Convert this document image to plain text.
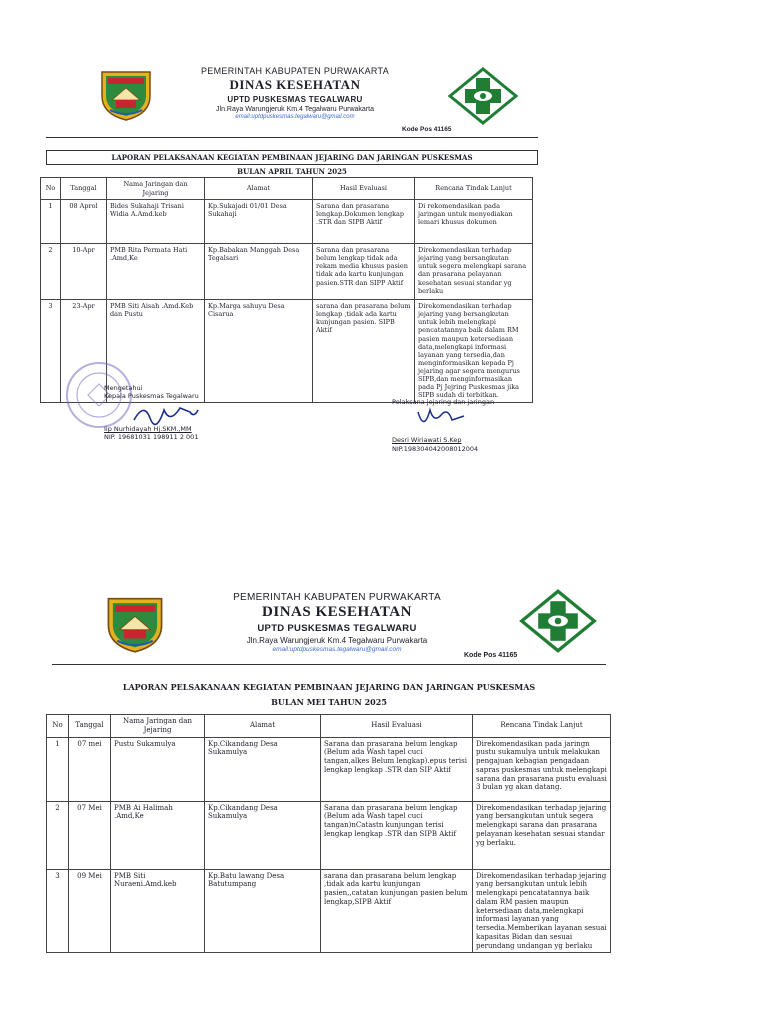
PEMERINTAH KABUPATEN PURWAKARTA
DINAS KESEHATAN
UPTD PUSKESMAS TEGALWARU
Jln.Raya Warungjeruk Km.4 Tegalwaru Purwakarta
email:uptdpuskesmas.tegalwaru@gmail.com
Kode Pos 41165
LAPORAN PELAKSANAAN KEGIATAN PEMBINAAN JEJARING DAN JARINGAN PUSKESMAS
BULAN APRIL TAHUN 2025
No	Tanggal	Nama Jaringan dan Jejaring	Alamat	Hasil Evaluasi	Rencana Tindak Lanjut
1	08 Aprol	Bides Sukahaji Trisani Widia A.Amd.keb	Kp.Sukajadi 01/01 Desa Sukahaji	Sarana dan prasarana lengkap.Dokumen lengkap .STR dan SIPB Aktif	Di rekomendasikan pada jaringan untuk menyediakan lemari khusus dokumen
2	10-Apr	PMB Rita Permata Hati .Amd,Ke	Kp.Babakan Manggah Desa Tegalsari	Sarana dan prasarana belum lengkap tidak ada rekam media khusus pasien tidak ada kartu kunjungan pasien.STR dan SIPP Aktif	Direkomendasikan terhadap jejaring yang bersangkutan untuk segera melengkapi sarana dan prasarana pelayanan kesehatan sesuai standar yg berlaku
3	23-Apr	PMB Siti Aisah .Amd.Keb dan Pustu	Kp.Marga sahuyu Desa Cisarua	sarana dan prasarana belum lengkap ,tidak ada kartu kunjungan pasien. SIPB Aktif	Direkomendasikan terhadap jejaring yang bersangkutan untuk lebih melengkapi pencatatannya baik dalam RM pasien maupun ketersediaan data,melengkapi informasi layanan yang tersedia,dan menginformasikan kepada Pj jejaring agar segera mengurus SIPB,dan menginformasikan pada Pj Jejring Puskesmas jika SIPB sudah di terbitkan.
Mengetahui
Kepala Puskesmas Tegalwaru
Iip Nurhidayah Hj.SKM.,MM
NIP. 19681031 198911 2 001
Pelaksana jejaring dan jaringan
Desri Wiriawati S.Kep
NIP.198304042008012004
PEMERINTAH KABUPATEN PURWAKARTA
DINAS KESEHATAN
UPTD PUSKESMAS TEGALWARU
Jln.Raya Warungjeruk Km.4 Tegalwaru Purwakarta
email:uptdpuskesmas.tegalwaru@gmail.com
Kode Pos 41165
LAPORAN PELSAKANAAN KEGIATAN PEMBINAAN JEJARING DAN JARINGAN PUSKESMAS
BULAN MEI TAHUN 2025
No	Tanggal	Nama Jaringan dan Jejaring	Alamat	Hasil Evaluasi	Rencana Tindak Lanjut
1	07 mei	Pustu Sukamulya	Kp.Cikandang Desa Sukamulya	Sarana dan prasarana belum lengkap (Belum ada Wash tapel cuci tangan,alkes Belum lengkap).epus terisi lengkap lengkap .STR dan SIP Aktif	Direkomendasikan pada jaringn pustu sukamulya untuk melakukan pengajuan kebagian pengadaan sapras puskesmas untuk melengkapi sarana dan prasarana pustu evaluasi 3 bulan yg akan datang.
2	07 Mei	PMB Ai Halimah .Amd,Ke	Kp.Cikandang Desa Sukamulya	Sarana dan prasarana belum lengkap (Belum ada Wash tapel cuci tangan)nCatastn kunjungan terisi lengkap lengkap .STR dan SIPB Aktif	Direkomendasikan terhadap jejaring yang bersangkutan untuk segera melengkapi sarana dan prasarana pelayanan kesehatan sesuai standar yg berlaku.
3	09 Mei	PMB Siti Nuraeni.Amd.keb	Kp.Batu lawang Desa Batutumpang	sarana dan prasarana belum lengkap ,tidak ada kartu kunjungan pasien,,catatan kunjungan pasien belum lengkap,SIPB Aktif	Direkomendasikan terhadap jejaring yang bersangkutan untuk lebih melengkapi pencatatannya baik dalam RM pasien maupun ketersediaan data,melengkapi informasi layanan yang tersedia.Memberikan layanan sesuai kapasitas Bidan dan sesuai perundang undangan yg berlaku
